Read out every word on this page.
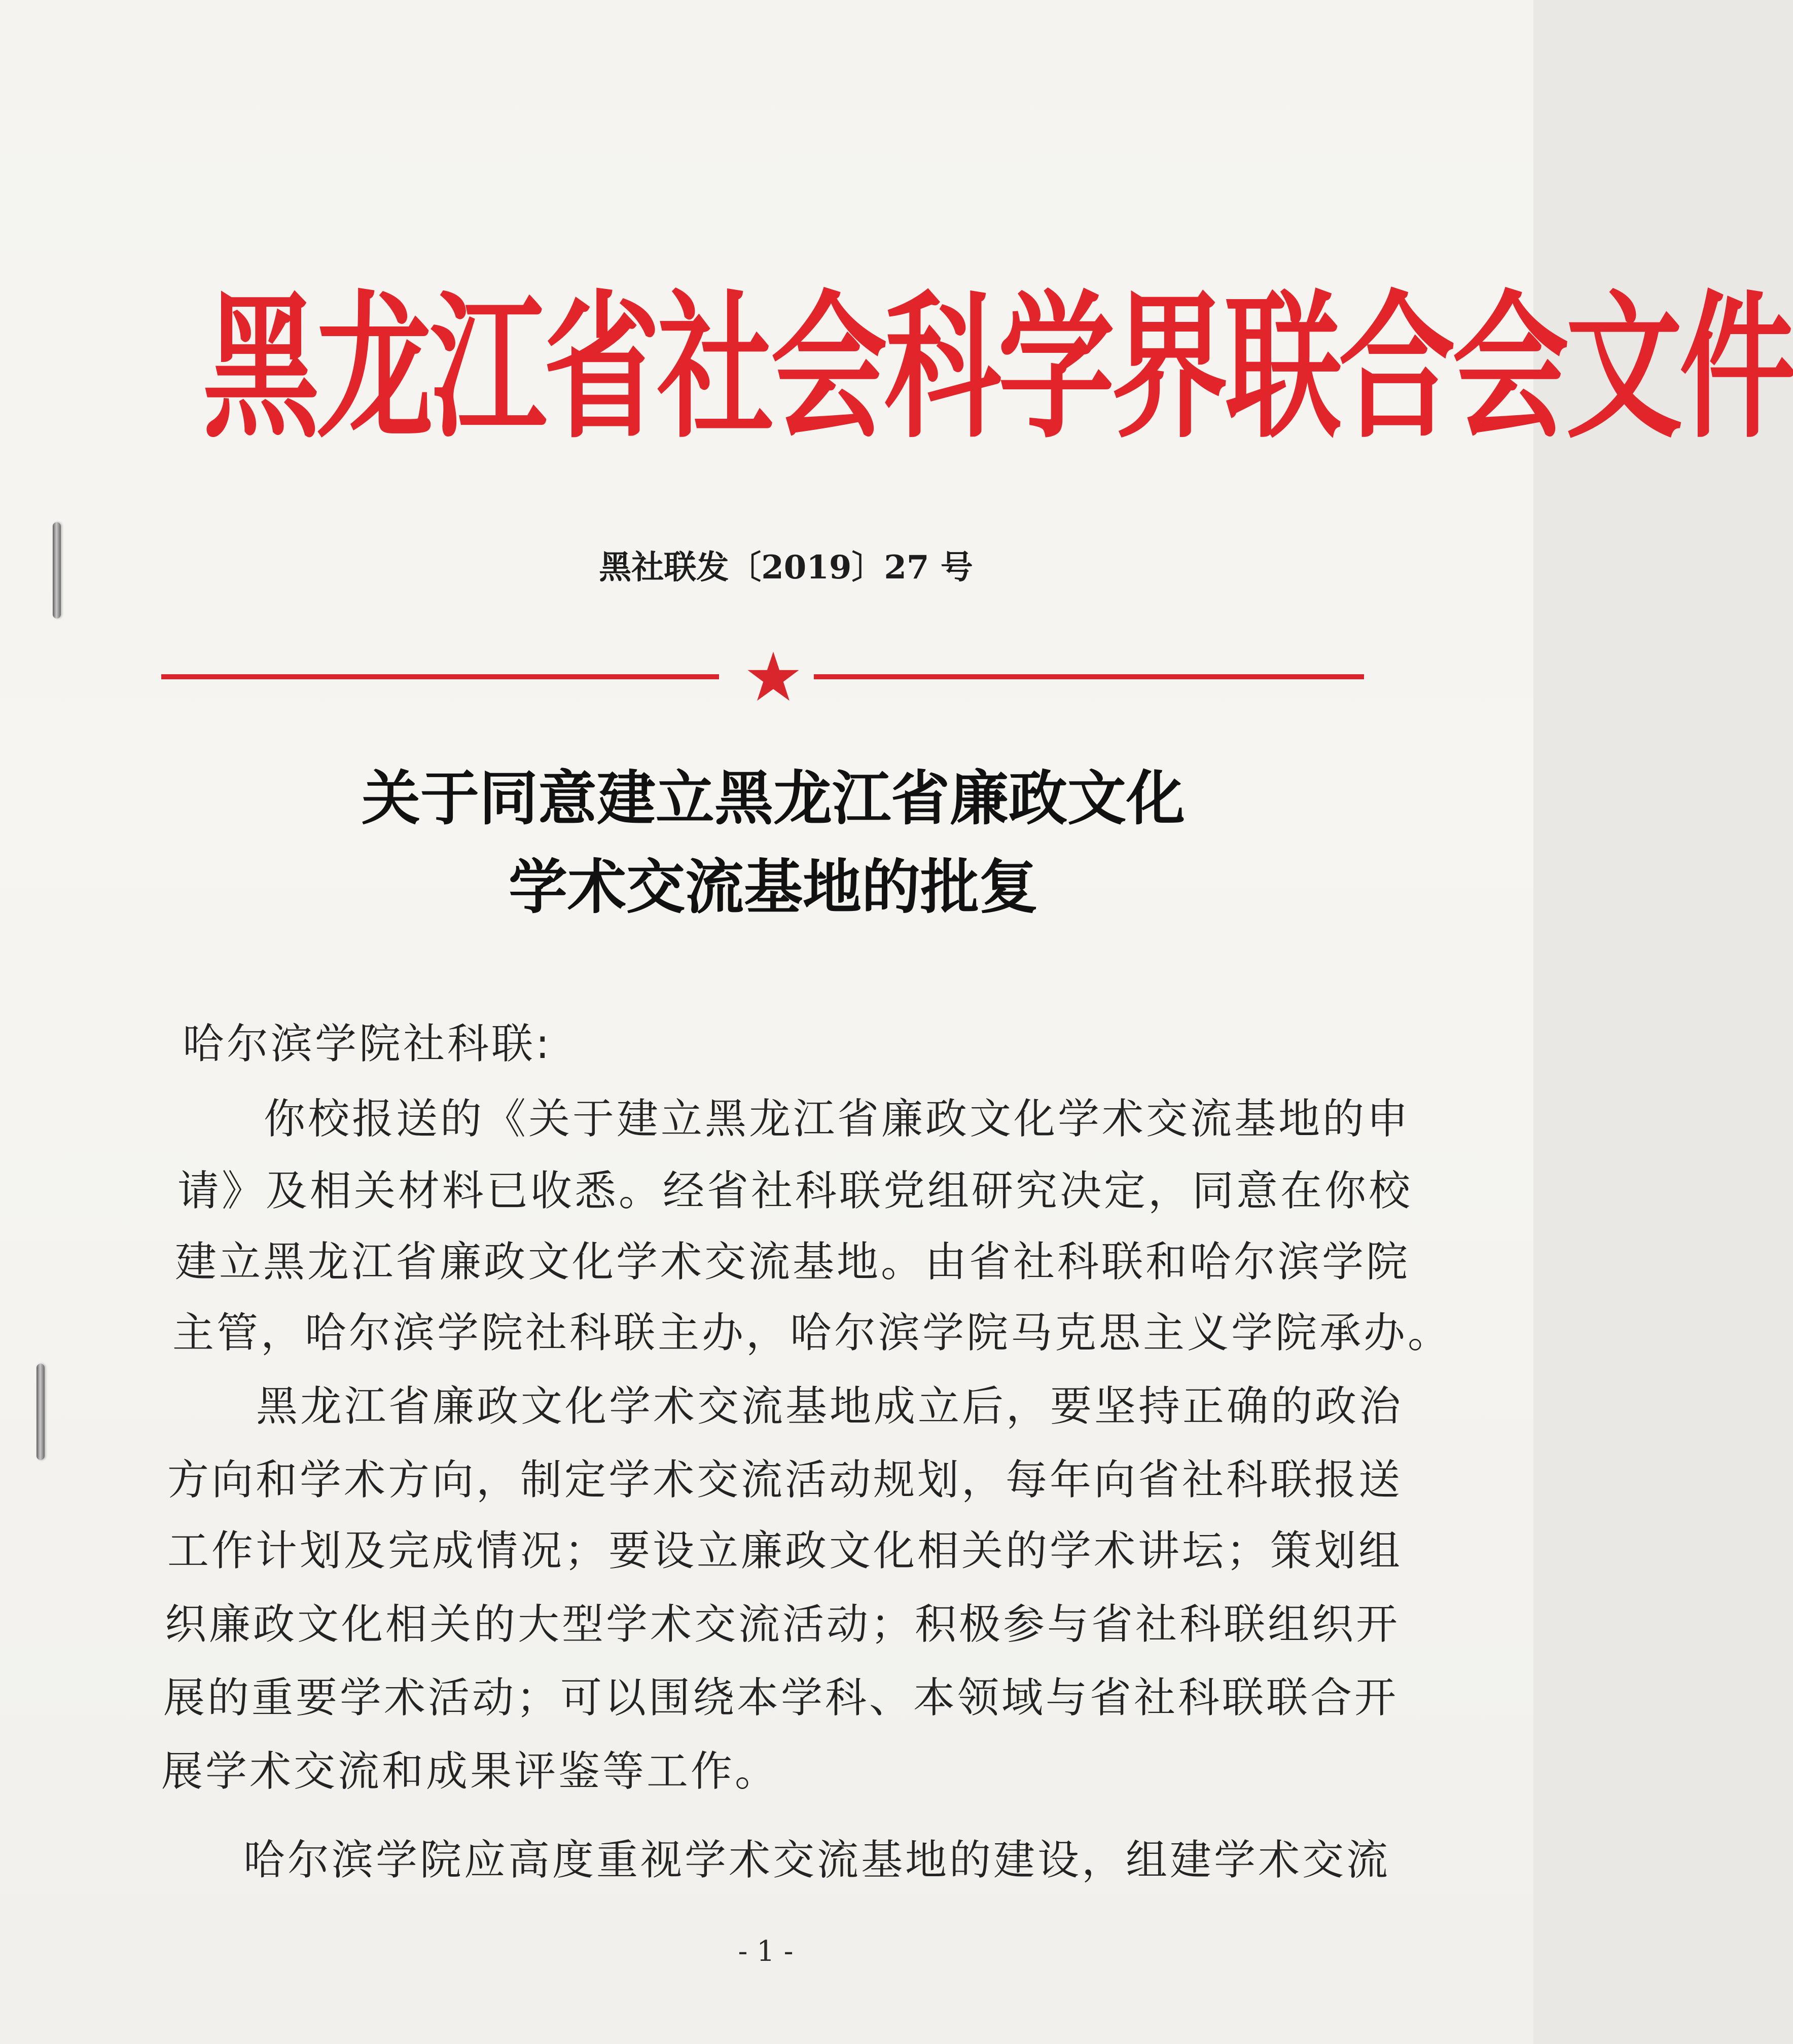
黑龙江省社会科学界联合会文件
黑社联发〔2019〕27 号
关于同意建立黑龙江省廉政文化
学术交流基地的批复
哈尔滨学院社科联:
你校报送的《关于建立黑龙江省廉政文化学术交流基地的申
请》及相关材料已收悉。经省社科联党组研究决定，同意在你校
建立黑龙江省廉政文化学术交流基地。由省社科联和哈尔滨学院
主管，哈尔滨学院社科联主办，哈尔滨学院马克思主义学院承办。
黑龙江省廉政文化学术交流基地成立后，要坚持正确的政治
方向和学术方向，制定学术交流活动规划，每年向省社科联报送
工作计划及完成情况；要设立廉政文化相关的学术讲坛；策划组
织廉政文化相关的大型学术交流活动；积极参与省社科联组织开
展的重要学术活动；可以围绕本学科、本领域与省社科联联合开
展学术交流和成果评鉴等工作。
哈尔滨学院应高度重视学术交流基地的建设，组建学术交流
- 1 -
